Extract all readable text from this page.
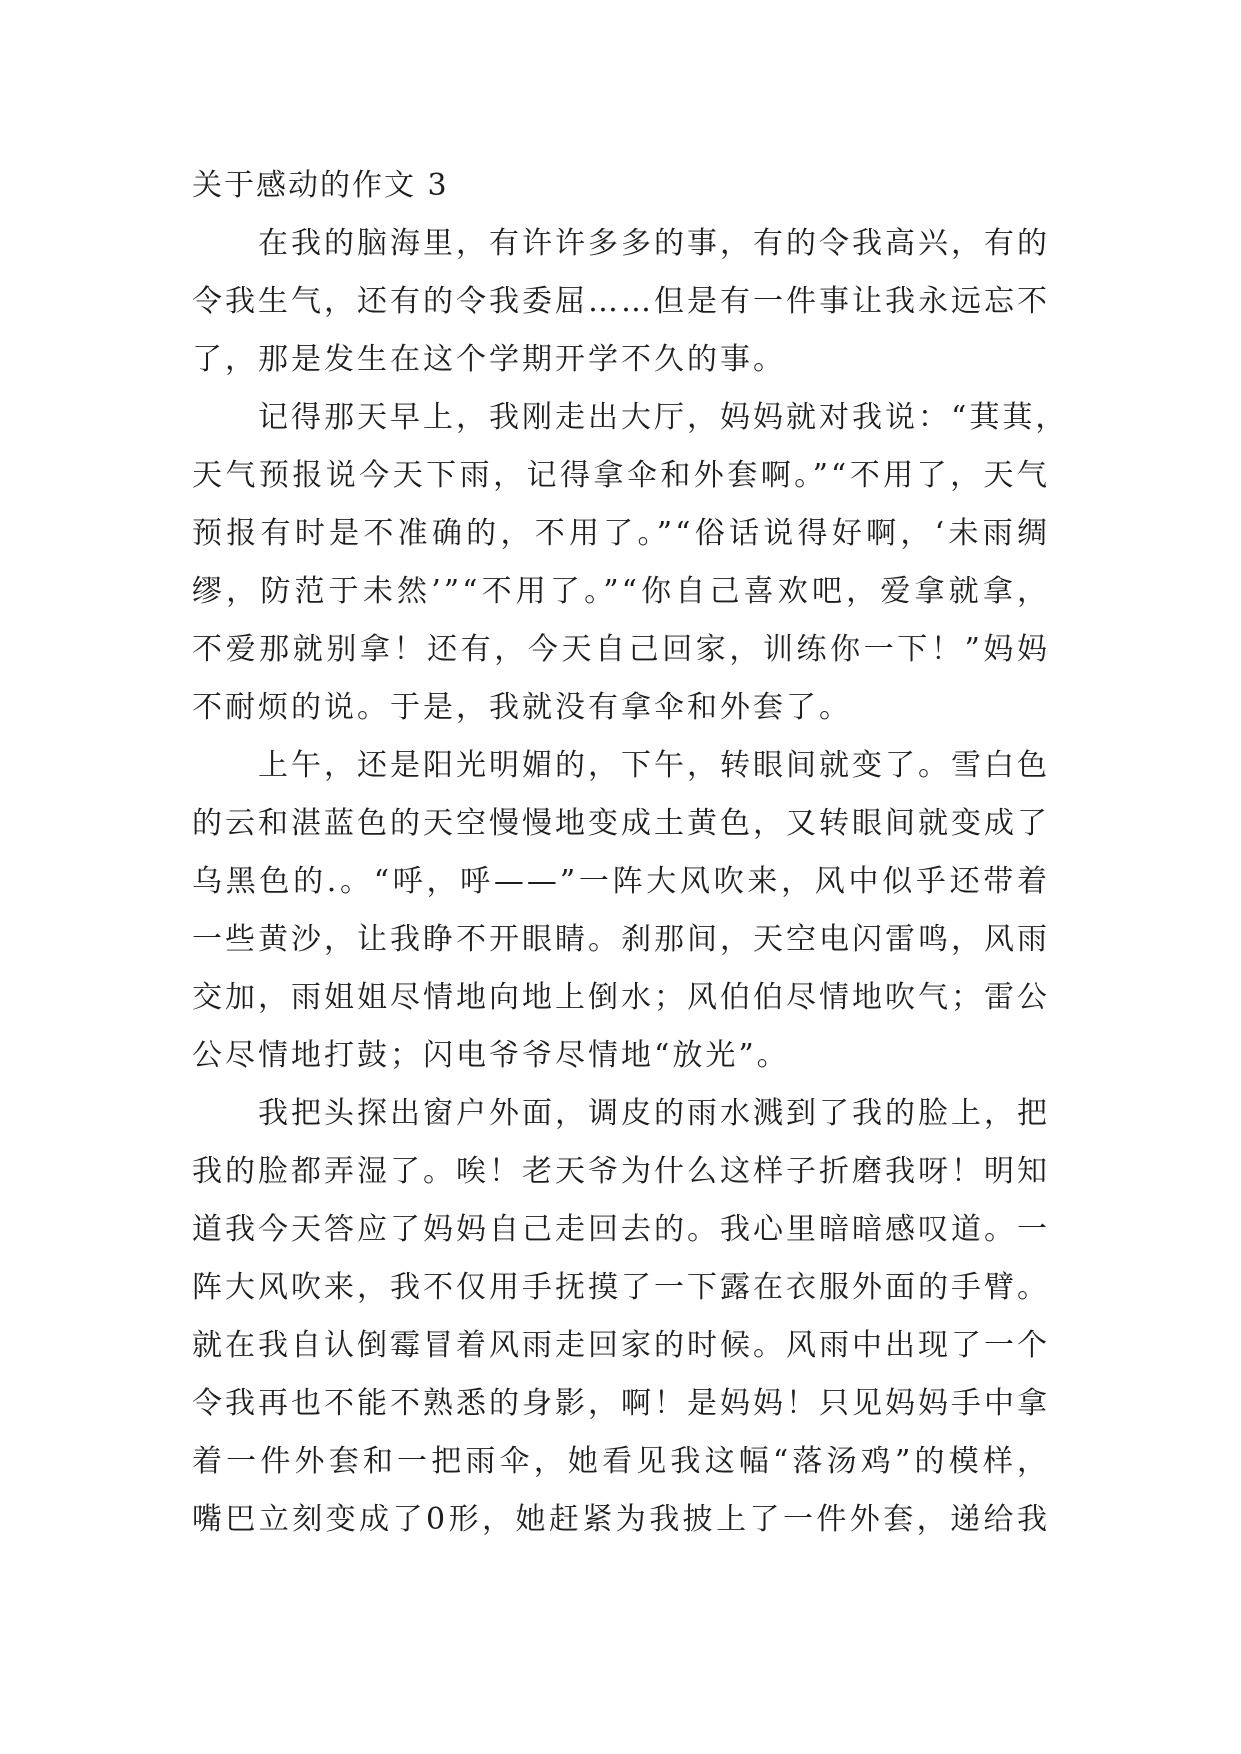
关于感动的作文 3
在我的脑海里，有许许多多的事，有的令我高兴，有的
令我生气，还有的令我委屈……但是有一件事让我永远忘不
了，那是发生在这个学期开学不久的事。
记得那天早上，我刚走出大厅，妈妈就对我说：“萁萁，
天气预报说今天下雨，记得拿伞和外套啊。”“不用了，天气
预报有时是不准确的，不用了。”“俗话说得好啊，‘未雨绸
缪，防范于未然’”“不用了。”“你自己喜欢吧，爱拿就拿，
不爱那就别拿！还有，今天自己回家，训练你一下！”妈妈
不耐烦的说。于是，我就没有拿伞和外套了。
上午，还是阳光明媚的，下午，转眼间就变了。雪白色
的云和湛蓝色的天空慢慢地变成土黄色，又转眼间就变成了
乌黑色的.。“呼，呼——”一阵大风吹来，风中似乎还带着
一些黄沙，让我睁不开眼睛。刹那间，天空电闪雷鸣，风雨
交加，雨姐姐尽情地向地上倒水；风伯伯尽情地吹气；雷公
公尽情地打鼓；闪电爷爷尽情地“放光”。
我把头探出窗户外面，调皮的雨水溅到了我的脸上，把
我的脸都弄湿了。唉！老天爷为什么这样子折磨我呀！明知
道我今天答应了妈妈自己走回去的。我心里暗暗感叹道。一
阵大风吹来，我不仅用手抚摸了一下露在衣服外面的手臂。
就在我自认倒霉冒着风雨走回家的时候。风雨中出现了一个
令我再也不能不熟悉的身影，啊！是妈妈！只见妈妈手中拿
着一件外套和一把雨伞，她看见我这幅“落汤鸡”的模样，
嘴巴立刻变成了0形，她赶紧为我披上了一件外套，递给我
